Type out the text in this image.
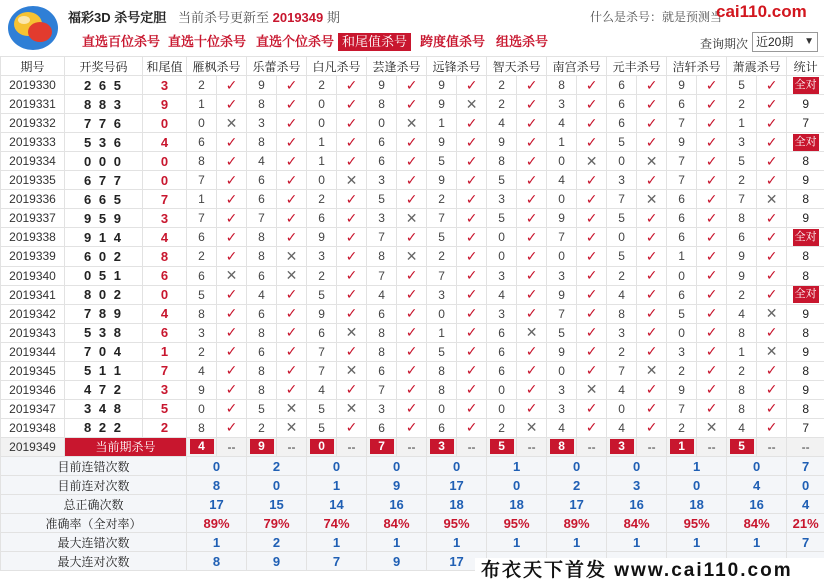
福彩3D 杀号定胆 当前杀号更新至 2019349 期	什么是杀号：就是预测当
cai110.com
直选百位杀号 直选十位杀号 直选个位杀号 和尾值杀号 跨度值杀号 组选杀号	查询期次 近20期 ▼
期号	开奖号码	和尾值	雁枫杀号		乐蕾杀号		白凡杀号		芸逢杀号		远锋杀号		智天杀号		南宫杀号		元丰杀号		洁轩杀号		萧震杀号		统计
2019330	2 6 5	3	2	✓	9	✓	2	✓	9	✓	9	✓	2	✓	8	✓	6	✓	9	✓	5	✓	全对
2019331	8 8 3	9	1	✓	8	✓	0	✓	8	✓	9	✕	2	✓	3	✓	6	✓	6	✓	2	✓	9
2019332	7 7 6	0	0	✕	3	✓	0	✓	0	✕	1	✓	4	✓	4	✓	6	✓	7	✓	1	✓	7
2019333	5 3 6	4	6	✓	8	✓	1	✓	6	✓	9	✓	9	✓	1	✓	5	✓	9	✓	3	✓	全对
2019334	0 0 0	0	8	✓	4	✓	1	✓	6	✓	5	✓	8	✓	0	✕	0	✕	7	✓	5	✓	8
2019335	6 7 7	0	7	✓	6	✓	0	✕	3	✓	9	✓	5	✓	4	✓	3	✓	7	✓	2	✓	9
2019336	6 6 5	7	1	✓	6	✓	2	✓	5	✓	2	✓	3	✓	0	✓	7	✕	6	✓	7	✕	8
2019337	9 5 9	3	7	✓	7	✓	6	✓	3	✕	7	✓	5	✓	9	✓	5	✓	6	✓	8	✓	9
2019338	9 1 4	4	6	✓	8	✓	9	✓	7	✓	5	✓	0	✓	7	✓	0	✓	6	✓	6	✓	全对
2019339	6 0 2	8	2	✓	8	✕	3	✓	8	✕	2	✓	0	✓	0	✓	5	✓	1	✓	9	✓	8
2019340	0 5 1	6	6	✕	6	✕	2	✓	7	✓	7	✓	3	✓	3	✓	2	✓	0	✓	9	✓	8
2019341	8 0 2	0	5	✓	4	✓	5	✓	4	✓	3	✓	4	✓	9	✓	4	✓	6	✓	2	✓	全对
2019342	7 8 9	4	8	✓	6	✓	9	✓	6	✓	0	✓	3	✓	7	✓	8	✓	5	✓	4	✕	9
2019343	5 3 8	6	3	✓	8	✓	6	✕	8	✓	1	✓	6	✕	5	✓	3	✓	0	✓	8	✓	8
2019344	7 0 4	1	2	✓	6	✓	7	✓	8	✓	5	✓	6	✓	9	✓	2	✓	3	✓	1	✕	9
2019345	5 1 1	7	4	✓	8	✓	7	✕	6	✓	8	✓	6	✓	0	✓	7	✕	2	✓	2	✓	8
2019346	4 7 2	3	9	✓	8	✓	4	✓	7	✓	8	✓	0	✓	3	✕	4	✓	9	✓	8	✓	9
2019347	3 4 8	5	0	✓	5	✕	5	✕	3	✓	0	✓	0	✓	3	✓	0	✓	7	✓	8	✓	8
2019348	8 2 2	2	8	✓	2	✕	5	✓	6	✓	6	✓	2	✕	4	✓	4	✓	2	✕	4	✓	7
2019349	当前期杀号		4	--	9	--	0	--	7	--	3	--	5	--	8	--	3	--	1	--	5	--	--
目前连错次数			0		2		0		0		0		1		0		0		1		0		7
目前连对次数			8		0		1		9		17		0		2		3		0		4		0
总正确次数			17		15		14		16		18		18		17		16		18		16		4
准确率（全对率）			89%		79%		74%		84%		95%		95%		89%		84%		95%		84%		21%
最大连错次数			1		2		1		1		1		1		1		1		1		1		7
最大连对次数			8		9		7		9		17												布衣天下首发 www.cai110.com
